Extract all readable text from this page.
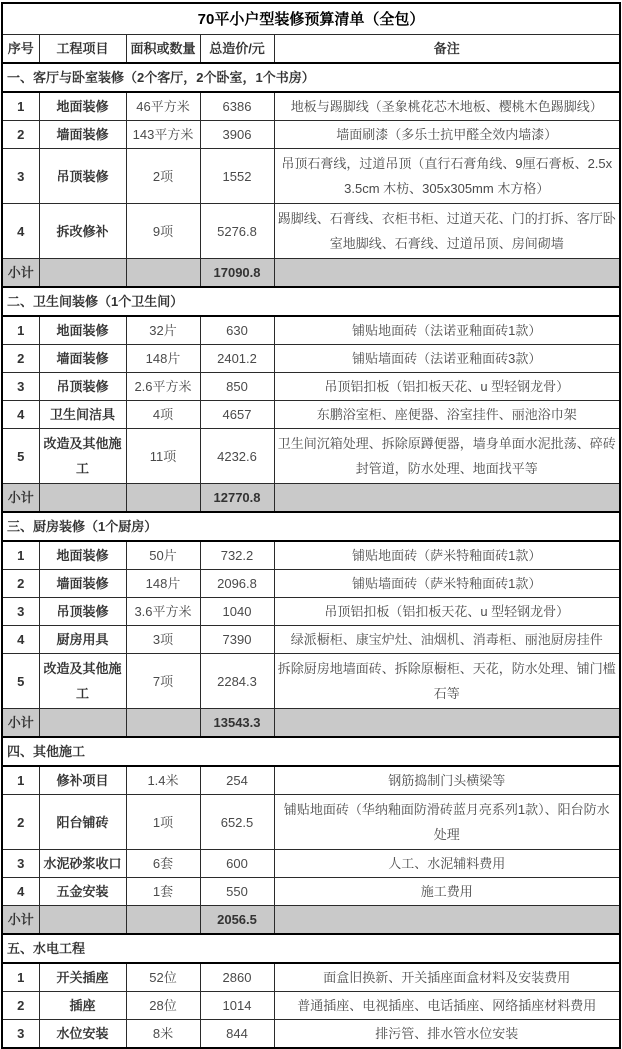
70平小户型装修预算清单（全包）				
序号	工程项目	面积或数量	总造价/元	备注
一、客厅与卧室装修（2个客厅，2个卧室，1个书房）				
1	地面装修	46平方米	6386	地板与踢脚线（圣象桃花芯木地板、樱桃木色踢脚线）
2	墙面装修	143平方米	3906	墙面刷漆（多乐士抗甲醛全效内墙漆）
3	吊顶装修	2项	1552	吊顶石膏线，过道吊顶（直行石膏角线、9厘石膏板、2.5x3.5cm 木枋、305x305mm 木方格）
4	拆改修补	9项	5276.8	踢脚线、石膏线、衣柜书柜、过道天花、门的打拆、客厅卧室地脚线、石膏线、过道吊顶、房间砌墙
小计			17090.8	
二、卫生间装修（1个卫生间）				
1	地面装修	32片	630	铺贴地面砖（法诺亚釉面砖1款）
2	墙面装修	148片	2401.2	铺贴墙面砖（法诺亚釉面砖3款）
3	吊顶装修	2.6平方米	850	吊顶铝扣板（铝扣板天花、u 型轻钢龙骨）
4	卫生间洁具	4项	4657	东鹏浴室柜、座便器、浴室挂件、丽池浴巾架
5	改造及其他施工	11项	4232.6	卫生间沉箱处理、拆除原蹲便器，墙身单面水泥批荡、碎砖封管道，防水处理、地面找平等
小计			12770.8	
三、厨房装修（1个厨房）				
1	地面装修	50片	732.2	铺贴地面砖（萨米特釉面砖1款）
2	墙面装修	148片	2096.8	铺贴墙面砖（萨米特釉面砖1款）
3	吊顶装修	3.6平方米	1040	吊顶铝扣板（铝扣板天花、u 型轻钢龙骨）
4	厨房用具	3项	7390	绿派橱柜、康宝炉灶、油烟机、消毒柜、丽池厨房挂件
5	改造及其他施工	7项	2284.3	拆除厨房地墙面砖、拆除原橱柜、天花，防水处理、铺门槛石等
小计			13543.3	
四、其他施工				
1	修补项目	1.4米	254	钢筋捣制门头横梁等
2	阳台铺砖	1项	652.5	铺贴地面砖（华纳釉面防滑砖蓝月亮系列1款）、阳台防水处理
3	水泥砂浆收口	6套	600	人工、水泥辅料费用
4	五金安装	1套	550	施工费用
小计			2056.5	
五、水电工程				
1	开关插座	52位	2860	面盒旧换新、开关插座面盒材料及安装费用
2	插座	28位	1014	普通插座、电视插座、电话插座、网络插座材料费用
3	水位安装	8米	844	排污管、排水管水位安装
